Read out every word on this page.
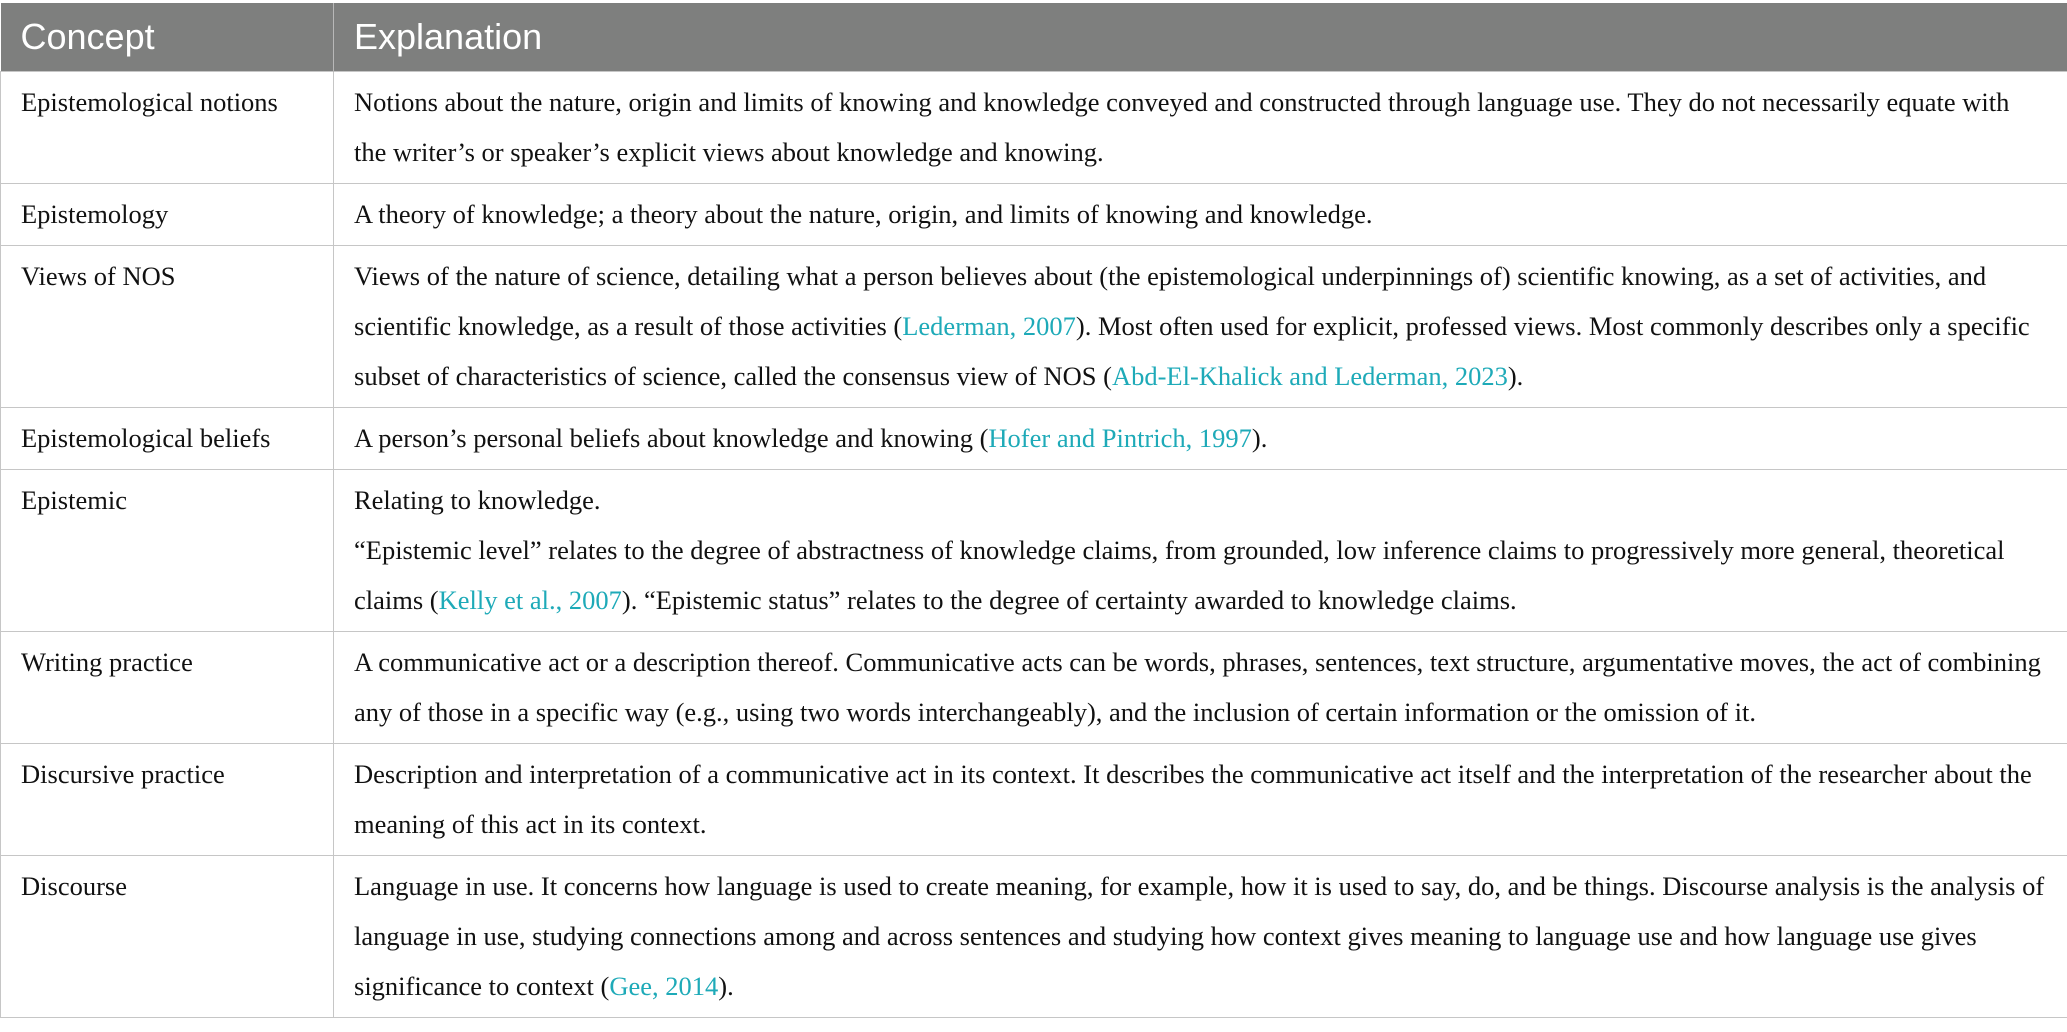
Concept	Explanation
Epistemological notions	Notions about the nature, origin and limits of knowing and knowledge conveyed and constructed through language use. They do not necessarily equate with the writer’s or speaker’s explicit views about knowledge and knowing.
Epistemology	A theory of knowledge; a theory about the nature, origin, and limits of knowing and knowledge.
Views of NOS	Views of the nature of science, detailing what a person believes about (the epistemological underpinnings of) scientific knowing, as a set of activities, and scientific knowledge, as a result of those activities (Lederman, 2007). Most often used for explicit, professed views. Most commonly describes only a specific subset of characteristics of science, called the consensus view of NOS (Abd-El-Khalick and Lederman, 2023).
Epistemological beliefs	A person’s personal beliefs about knowledge and knowing (Hofer and Pintrich, 1997).
Epistemic	Relating to knowledge.
“Epistemic level” relates to the degree of abstractness of knowledge claims, from grounded, low inference claims to progressively more general, theoretical claims (Kelly et al., 2007). “Epistemic status” relates to the degree of certainty awarded to knowledge claims.
Writing practice	A communicative act or a description thereof. Communicative acts can be words, phrases, sentences, text structure, argumentative moves, the act of combining any of those in a specific way (e.g., using two words interchangeably), and the inclusion of certain information or the omission of it.
Discursive practice	Description and interpretation of a communicative act in its context. It describes the communicative act itself and the interpretation of the researcher about the meaning of this act in its context.
Discourse	Language in use. It concerns how language is used to create meaning, for example, how it is used to say, do, and be things. Discourse analysis is the analysis of language in use, studying connections among and across sentences and studying how context gives meaning to language use and how language use gives significance to context (Gee, 2014).
